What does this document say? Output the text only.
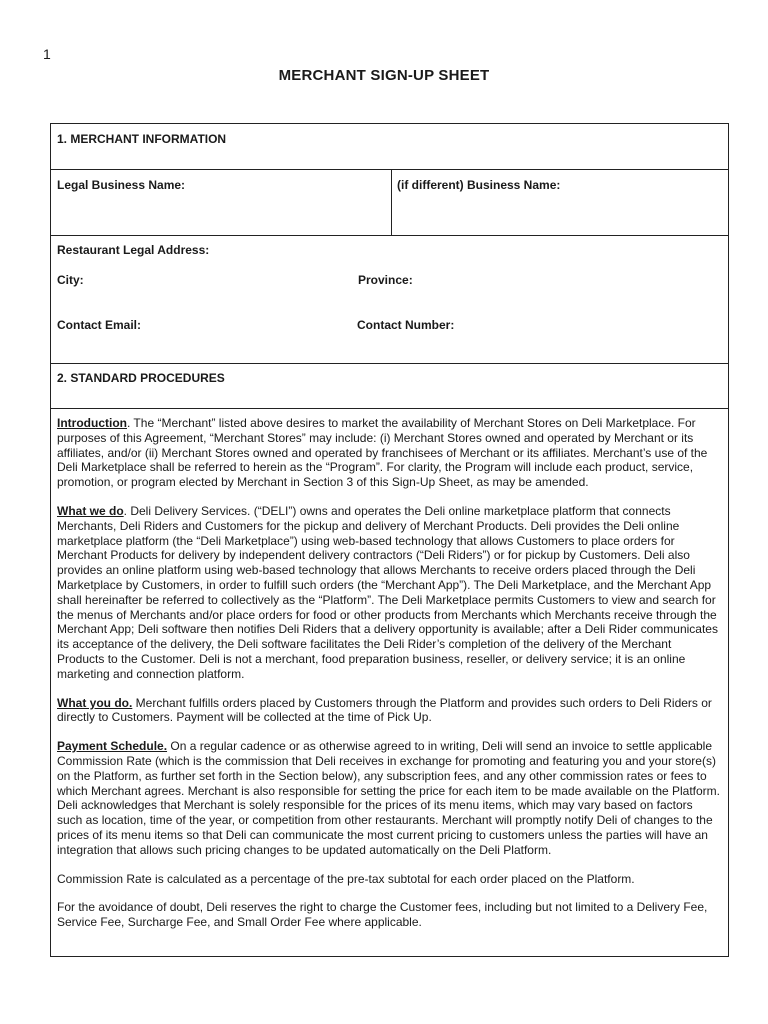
1
MERCHANT SIGN-UP SHEET
1. MERCHANT INFORMATION
Legal Business Name:	(if different) Business Name:
Restaurant Legal Address:
City:	Province:
Contact Email:	Contact Number:
2. STANDARD PROCEDURES

Introduction. The “Merchant” listed above desires to market the availability of Merchant Stores on Deli Marketplace. For purposes of this Agreement, “Merchant Stores” may include: (i) Merchant Stores owned and operated by Merchant or its affiliates, and/or (ii) Merchant Stores owned and operated by franchisees of Merchant or its affiliates. Merchant’s use of the Deli Marketplace shall be referred to herein as the “Program”. For clarity, the Program will include each product, service, promotion, or program elected by Merchant in Section 3 of this Sign-Up Sheet, as may be amended.

What we do. Deli Delivery Services. (“DELI”) owns and operates the Deli online marketplace platform that connects Merchants, Deli Riders and Customers for the pickup and delivery of Merchant Products. Deli provides the Deli online marketplace platform (the “Deli Marketplace”) using web-based technology that allows Customers to place orders for Merchant Products for delivery by independent delivery contractors (“Deli Riders”) or for pickup by Customers. Deli also provides an online platform using web-based technology that allows Merchants to receive orders placed through the Deli Marketplace by Customers, in order to fulfill such orders (the “Merchant App”). The Deli Marketplace, and the Merchant App shall hereinafter be referred to collectively as the “Platform”. The Deli Marketplace permits Customers to view and search for the menus of Merchants and/or place orders for food or other products from Merchants which Merchants receive through the Merchant App; Deli software then notifies Deli Riders that a delivery opportunity is available; after a Deli Rider communicates its acceptance of the delivery, the Deli software facilitates the Deli Rider’s completion of the delivery of the Merchant Products to the Customer. Deli is not a merchant, food preparation business, reseller, or delivery service; it is an online marketing and connection platform.

What you do. Merchant fulfills orders placed by Customers through the Platform and provides such orders to Deli Riders or directly to Customers. Payment will be collected at the time of Pick Up.

Payment Schedule. On a regular cadence or as otherwise agreed to in writing, Deli will send an invoice to settle applicable Commission Rate (which is the commission that Deli receives in exchange for promoting and featuring you and your store(s) on the Platform, as further set forth in the Section below), any subscription fees, and any other commission rates or fees to which Merchant agrees. Merchant is also responsible for setting the price for each item to be made available on the Platform. Deli acknowledges that Merchant is solely responsible for the prices of its menu items, which may vary based on factors such as location, time of the year, or competition from other restaurants. Merchant will promptly notify Deli of changes to the prices of its menu items so that Deli can communicate the most current pricing to customers unless the parties will have an integration that allows such pricing changes to be updated automatically on the Deli Platform.

Commission Rate is calculated as a percentage of the pre-tax subtotal for each order placed on the Platform.

For the avoidance of doubt, Deli reserves the right to charge the Customer fees, including but not limited to a Delivery Fee, Service Fee, Surcharge Fee, and Small Order Fee where applicable.
